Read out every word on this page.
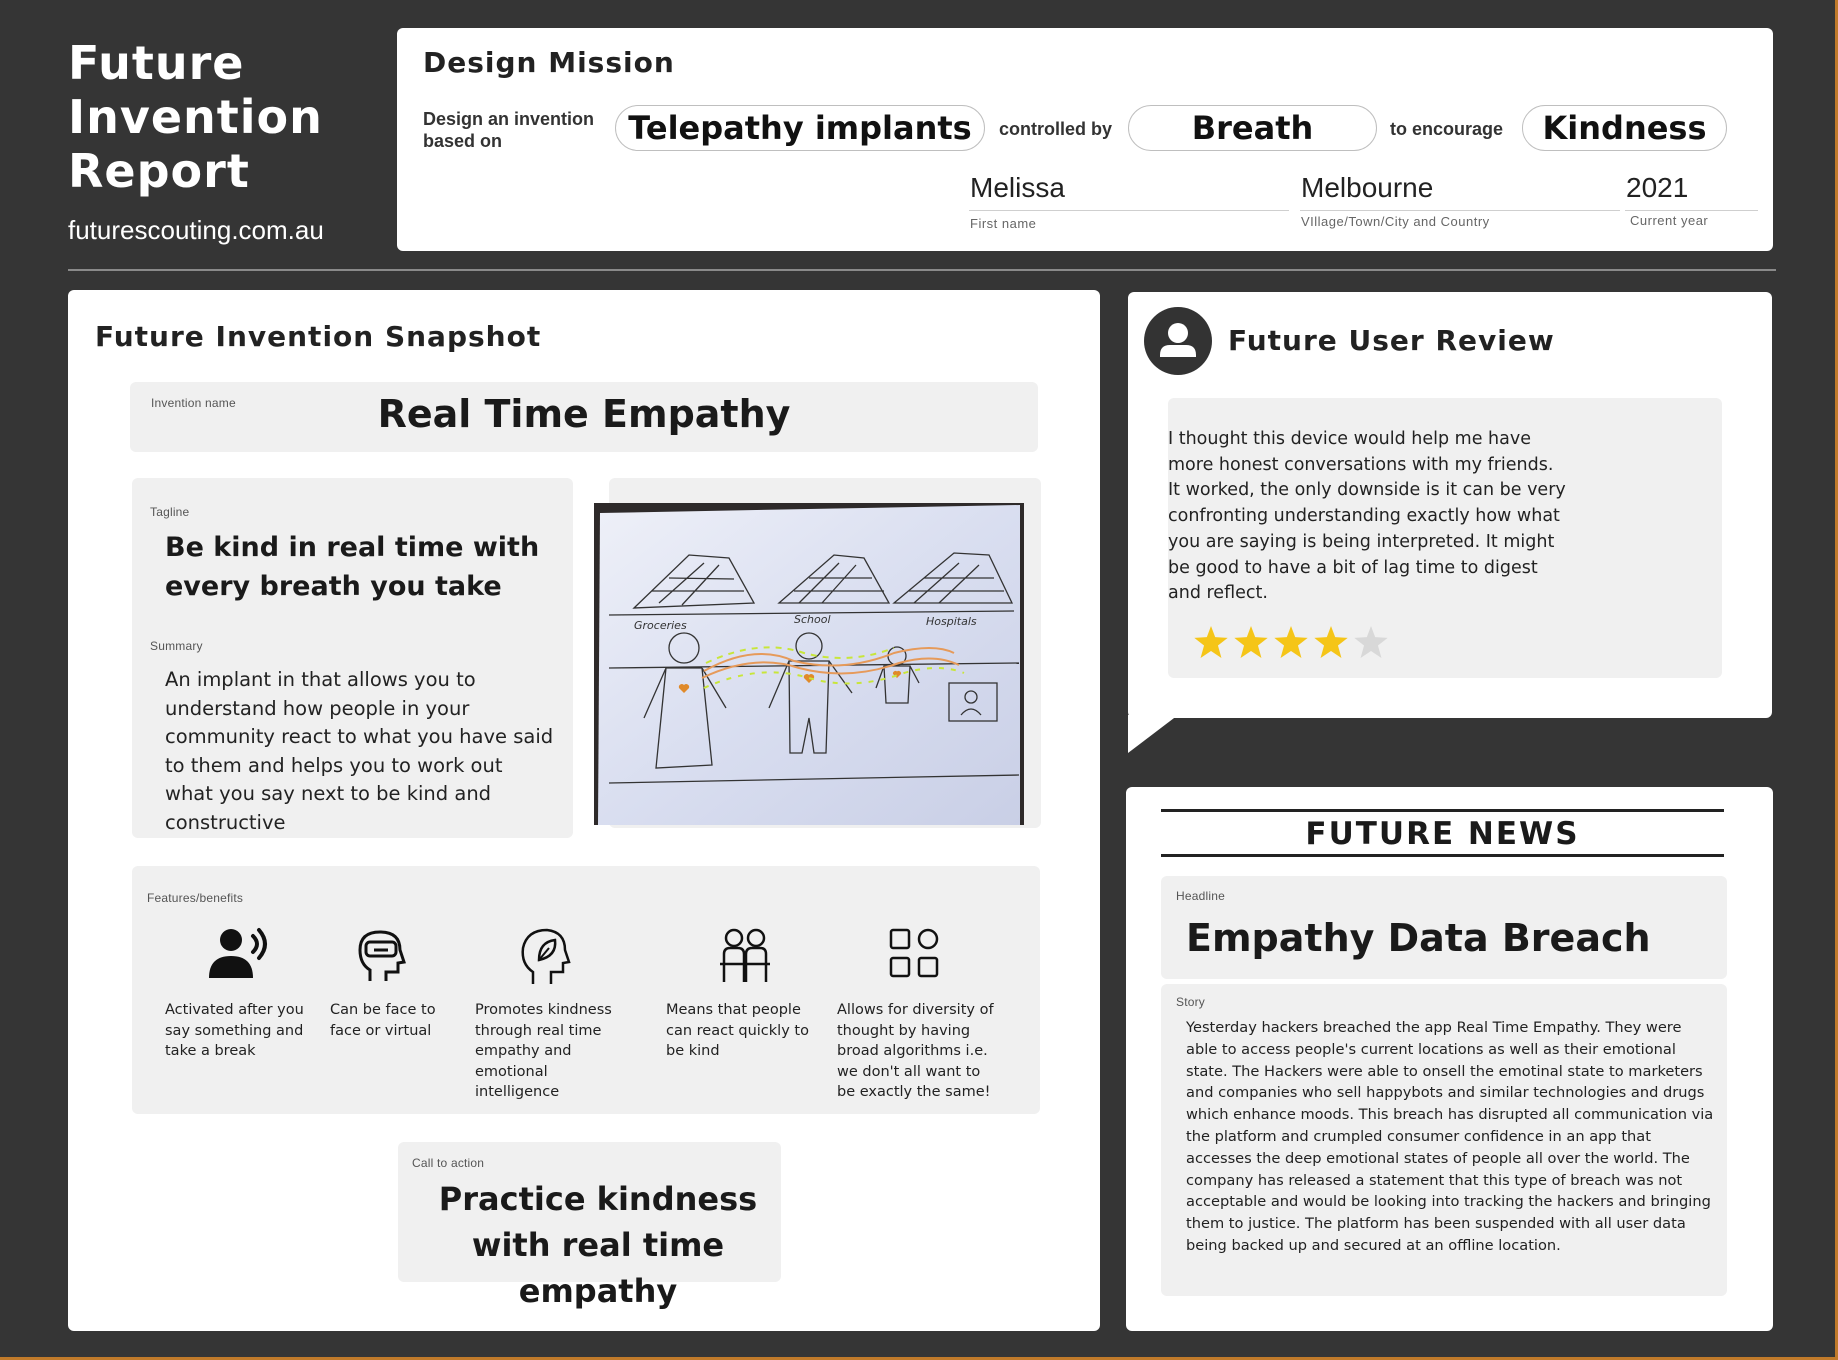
Future
Invention
Report
futurescouting.com.au
Design Mission
Design an invention based on	Telepathy implants	controlled by	Breath	to encourage	Kindness
Melissa
First name
Melbourne
VIllage/Town/City and Country
2021
Current year
Future Invention Snapshot
Invention name	Real Time Empathy
Tagline
Be kind in real time with every breath you take
Summary
An implant in that allows you to understand how people in your community react to what you have said to them and helps you to work out what you say next to be kind and constructive
Groceries	School	Hospitals
Features/benefits
Activated after you say something and take a break
Can be face to face or virtual
Promotes kindness through real time empathy and emotional intelligence
Means that people can react quickly to be kind
Allows for diversity of thought by having broad algorithms i.e. we don't all want to be exactly the same!
Call to action
Practice kindness with real time empathy
Future User Review
I thought this device would help me have more honest conversations with my friends. It worked, the only downside is it can be very confronting understanding exactly how what you are saying is being interpreted. It might be good to have a bit of lag time to digest and reflect.
FUTURE NEWS
Headline
Empathy Data Breach
Story
Yesterday hackers breached the app Real Time Empathy. They were able to access people's current locations as well as their emotional state. The Hackers were able to onsell the emotinal state to marketers and companies who sell happybots and similar technologies and drugs which enhance moods. This breach has disrupted all communication via the platform and crumpled consumer confidence in an app that accesses the deep emotional states of people all over the world. The company has released a statement that this type of breach was not acceptable and would be looking into tracking the hackers and bringing them to justice. The platform has been suspended with all user data being backed up and secured at an offline location.
